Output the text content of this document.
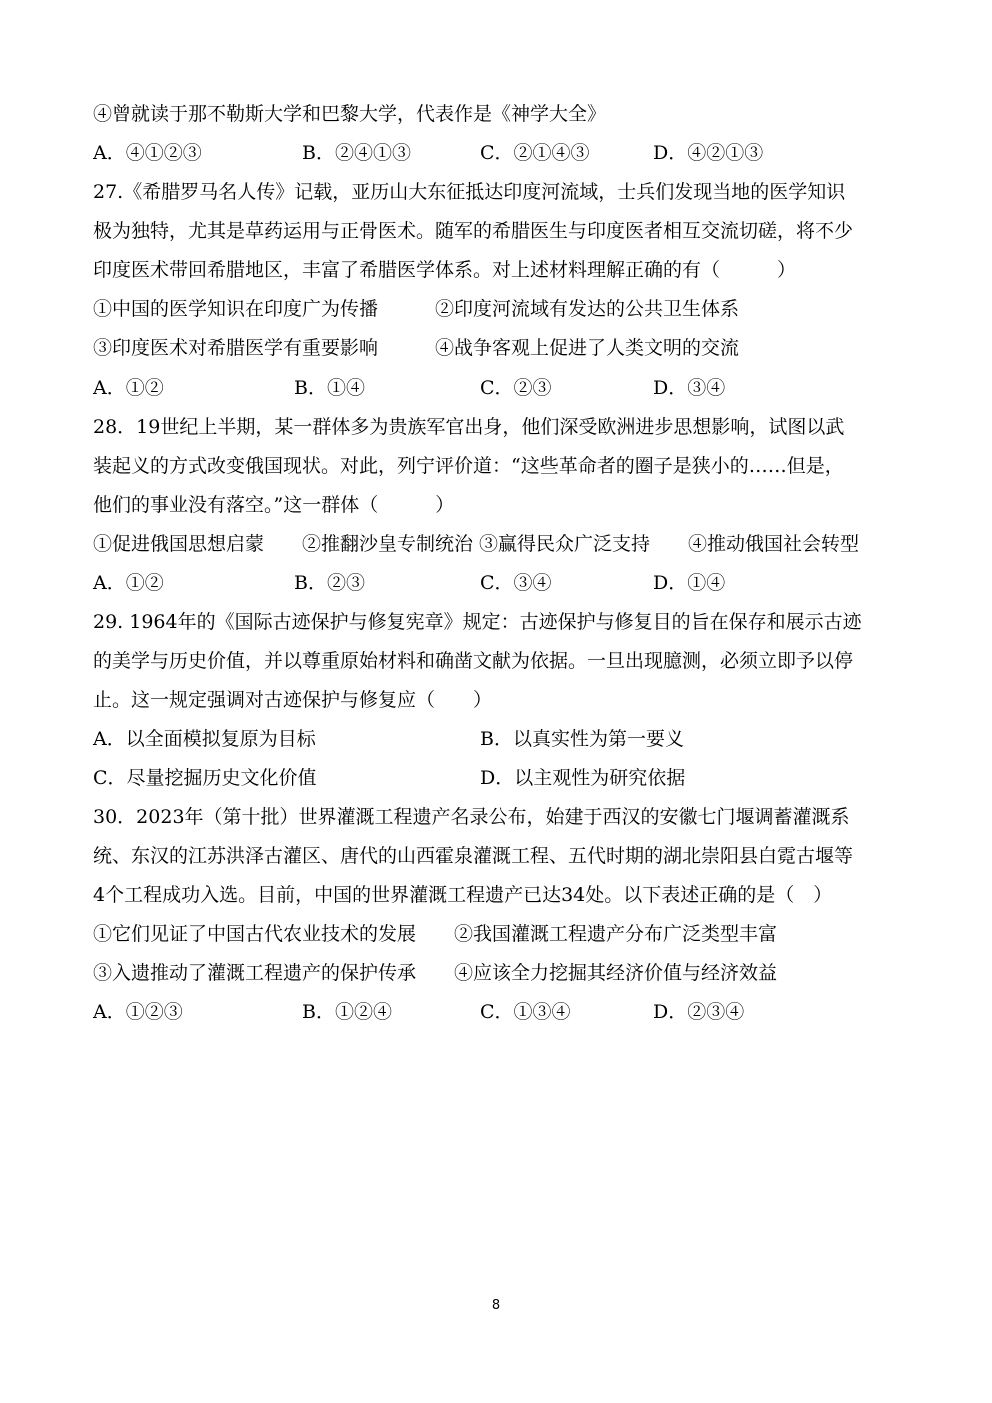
④曾就读于那不勒斯大学和巴黎大学，代表作是《神学大全》
A．④①②③	B．②④①③	C．②①④③	D．④②①③
27.《希腊罗马名人传》记载，亚历山大东征抵达印度河流域，士兵们发现当地的医学知识
极为独特，尤其是草药运用与正骨医术。随军的希腊医生与印度医者相互交流切磋，将不少
印度医术带回希腊地区，丰富了希腊医学体系。对上述材料理解正确的有（　　　）
①中国的医学知识在印度广为传播　　　②印度河流域有发达的公共卫生体系
③印度医术对希腊医学有重要影响　　　④战争客观上促进了人类文明的交流
A．①②	B．①④	C．②③	D．③④
28．19世纪上半期，某一群体多为贵族军官出身，他们深受欧洲进步思想影响，试图以武
装起义的方式改变俄国现状。对此，列宁评价道：“这些革命者的圈子是狭小的……但是，
他们的事业没有落空。”这一群体（　　　）
①促进俄国思想启蒙　　②推翻沙皇专制统治 ③赢得民众广泛支持　　④推动俄国社会转型
A．①②	B．②③	C．③④	D．①④
29. 1964年的《国际古迹保护与修复宪章》规定：古迹保护与修复目的旨在保存和展示古迹
的美学与历史价值，并以尊重原始材料和确凿文献为依据。一旦出现臆测，必须立即予以停
止。这一规定强调对古迹保护与修复应（　　）
A．以全面模拟复原为目标	B．以真实性为第一要义
C．尽量挖掘历史文化价值	D．以主观性为研究依据
30．2023年（第十批）世界灌溉工程遗产名录公布，始建于西汉的安徽七门堰调蓄灌溉系
统、东汉的江苏洪泽古灌区、唐代的山西霍泉灌溉工程、五代时期的湖北崇阳县白霓古堰等
4个工程成功入选。目前，中国的世界灌溉工程遗产已达34处。以下表述正确的是（　）
①它们见证了中国古代农业技术的发展　　②我国灌溉工程遗产分布广泛类型丰富
③入遗推动了灌溉工程遗产的保护传承　　④应该全力挖掘其经济价值与经济效益
A．①②③	B．①②④	C．①③④	D．②③④
8
